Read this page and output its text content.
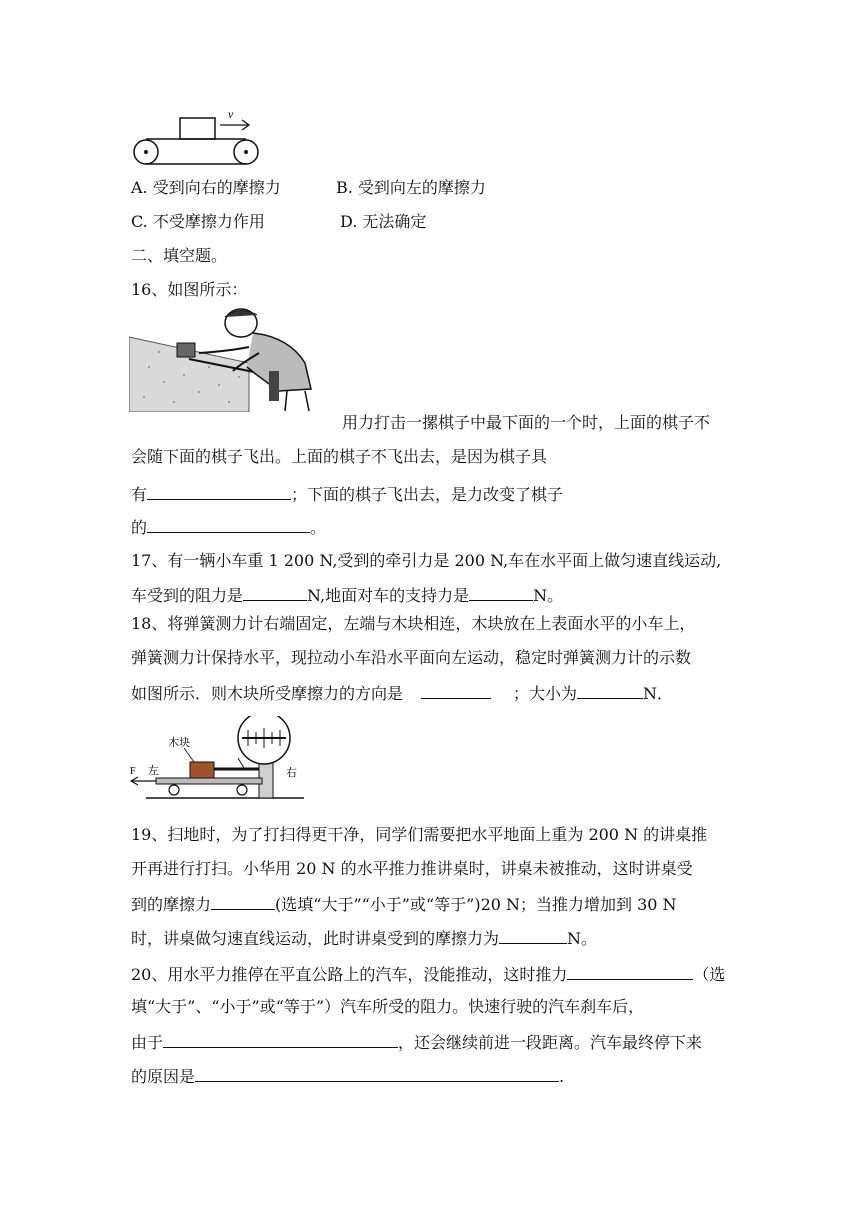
v
A. 受到向右的摩擦力	B. 受到向左的摩擦力
C. 不受摩擦力作用	D. 无法确定
二、填空题。
16、如图所示：
用力打击一摞棋子中最下面的一个时，上面的棋子不
会随下面的棋子飞出。上面的棋子不飞出去，是因为棋子具
有	；下面的棋子飞出去，是力改变了棋子
的	。
17、有一辆小车重 1 200 N,受到的牵引力是 200 N,车在水平面上做匀速直线运动,
车受到的阻力是	N,地面对车的支持力是	N。
18、将弹簧测力计右端固定，左端与木块相连，木块放在上表面水平的小车上，
弹簧测力计保持水平，现拉动小车沿水平面向左运动，稳定时弹簧测力计的示数
如图所示．则木块所受摩擦力的方向是	；大小为	N．
木块
左	右
F
19、扫地时，为了打扫得更干净，同学们需要把水平地面上重为 200 N 的讲桌推
开再进行打扫。小华用 20 N 的水平推力推讲桌时，讲桌未被推动，这时讲桌受
到的摩擦力	(选填“大于”“小于”或“等于”)20 N；当推力增加到 30 N
时，讲桌做匀速直线运动，此时讲桌受到的摩擦力为	N。
20、用水平力推停在平直公路上的汽车，没能推动，这时推力	（选
填“大于”、“小于”或“等于”）汽车所受的阻力。快速行驶的汽车刹车后，
由于	，还会继续前进一段距离。汽车最终停下来
的原因是	.
